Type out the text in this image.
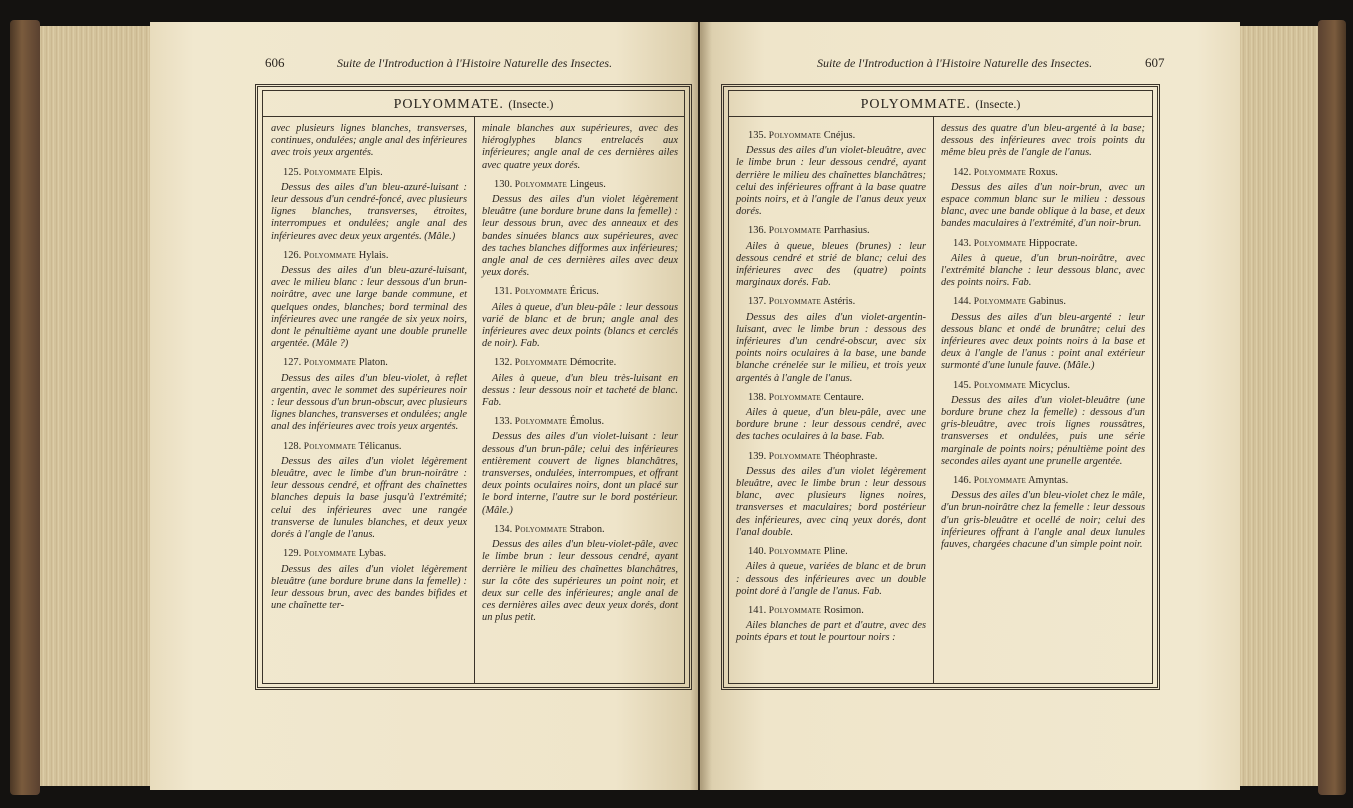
606	Suite de l'Introduction à l'Histoire Naturelle des Insectes.
POLYOMMATE. (Insecte.)

avec plusieurs lignes blanches, transverses, continues, ondulées; angle anal des inférieures avec trois yeux argentés.

125. Polyommate Elpis.

Dessus des ailes d'un bleu-azuré-luisant : leur dessous d'un cendré-foncé, avec plusieurs lignes blanches, transverses, étroites, interrompues et ondulées; angle anal des inférieures avec deux yeux argentés. (Mâle.)

126. Polyommate Hylais.

Dessus des ailes d'un bleu-azuré-luisant, avec le milieu blanc : leur dessous d'un brun-noirâtre, avec une large bande commune, et quelques ondes, blanches; bord terminal des inférieures avec une rangée de six yeux noirs, dont le pénultième ayant une double prunelle argentée. (Mâle ?)

127. Polyommate Platon.

Dessus des ailes d'un bleu-violet, à reflet argentin, avec le sommet des supérieures noir : leur dessous d'un brun-obscur, avec plusieurs lignes blanches, transverses et ondulées; angle anal des inférieures avec trois yeux argentés.

128. Polyommate Télicanus.

Dessus des ailes d'un violet légèrement bleuâtre, avec le limbe d'un brun-noirâtre : leur dessous cendré, et offrant des chaînettes blanches depuis la base jusqu'à l'extrémité; celui des inférieures avec une rangée transverse de lunules blanches, et deux yeux dorés à l'angle de l'anus.

129. Polyommate Lybas.

Dessus des ailes d'un violet légèrement bleuâtre (une bordure brune dans la femelle) : leur dessous brun, avec des bandes bifides et une chaînette ter-

minale blanches aux supérieures, avec des hiéroglyphes blancs entrelacés aux inférieures; angle anal de ces dernières ailes avec quatre yeux dorés.

130. Polyommate Lingeus.

Dessus des ailes d'un violet légèrement bleuâtre (une bordure brune dans la femelle) : leur dessous brun, avec des anneaux et des bandes sinuées blancs aux supérieures, avec des taches blanches difformes aux inférieures; angle anal de ces dernières ailes avec deux yeux dorés.

131. Polyommate Éricus.

Ailes à queue, d'un bleu-pâle : leur dessous varié de blanc et de brun; angle anal des inférieures avec deux points (blancs et cerclés de noir). Fab.

132. Polyommate Démocrite.

Ailes à queue, d'un bleu très-luisant en dessus : leur dessous noir et tacheté de blanc. Fab.

133. Polyommate Émolus.

Dessus des ailes d'un violet-luisant : leur dessous d'un brun-pâle; celui des inférieures entièrement couvert de lignes blanchâtres, transverses, ondulées, interrompues, et offrant deux points oculaires noirs, dont un placé sur le bord interne, l'autre sur le bord postérieur. (Mâle.)

134. Polyommate Strabon.

Dessus des ailes d'un bleu-violet-pâle, avec le limbe brun : leur dessous cendré, ayant derrière le milieu des chaînettes blanchâtres, sur la côte des supérieures un point noir, et deux sur celle des inférieures; angle anal de ces dernières ailes avec deux yeux dorés, dont un plus petit.

Suite de l'Introduction à l'Histoire Naturelle des Insectes.	607
POLYOMMATE. (Insecte.)

135. Polyommate Cnéjus.

Dessus des ailes d'un violet-bleuâtre, avec le limbe brun : leur dessous cendré, ayant derrière le milieu des chaînettes blanchâtres; celui des inférieures offrant à la base quatre points noirs, et à l'angle de l'anus deux yeux dorés.

136. Polyommate Parrhasius.

Ailes à queue, bleues (brunes) : leur dessous cendré et strié de blanc; celui des inférieures avec des (quatre) points marginaux dorés. Fab.

137. Polyommate Astéris.

Dessus des ailes d'un violet-argentin-luisant, avec le limbe brun : dessous des inférieures d'un cendré-obscur, avec six points noirs oculaires à la base, une bande blanche crénelée sur le milieu, et trois yeux argentés à l'angle de l'anus.

138. Polyommate Centaure.

Ailes à queue, d'un bleu-pâle, avec une bordure brune : leur dessous cendré, avec des taches oculaires à la base. Fab.

139. Polyommate Théophraste.

Dessus des ailes d'un violet légèrement bleuâtre, avec le limbe brun : leur dessous blanc, avec plusieurs lignes noires, transverses et maculaires; bord postérieur des inférieures, avec cinq yeux dorés, dont l'anal double.

140. Polyommate Pline.

Ailes à queue, variées de blanc et de brun : dessous des inférieures avec un double point doré à l'angle de l'anus. Fab.

141. Polyommate Rosimon.

Ailes blanches de part et d'autre, avec des points épars et tout le pourtour noirs :

dessus des quatre d'un bleu-argenté à la base; dessous des inférieures avec trois points du même bleu près de l'angle de l'anus.

142. Polyommate Roxus.

Dessus des ailes d'un noir-brun, avec un espace commun blanc sur le milieu : dessous blanc, avec une bande oblique à la base, et deux bandes maculaires à l'extrémité, d'un noir-brun.

143. Polyommate Hippocrate.

Ailes à queue, d'un brun-noirâtre, avec l'extrémité blanche : leur dessous blanc, avec des points noirs. Fab.

144. Polyommate Gabinus.

Dessus des ailes d'un bleu-argenté : leur dessous blanc et ondé de brunâtre; celui des inférieures avec deux points noirs à la base et deux à l'angle de l'anus : point anal extérieur surmonté d'une lunule fauve. (Mâle.)

145. Polyommate Micyclus.

Dessus des ailes d'un violet-bleuâtre (une bordure brune chez la femelle) : dessous d'un gris-bleuâtre, avec trois lignes roussâtres, transverses et ondulées, puis une série marginale de points noirs; pénultième point des secondes ailes ayant une prunelle argentée.

146. Polyommate Amyntas.

Dessus des ailes d'un bleu-violet chez le mâle, d'un brun-noirâtre chez la femelle : leur dessous d'un gris-bleuâtre et ocellé de noir; celui des inférieures offrant à l'angle anal deux lunules fauves, chargées chacune d'un simple point noir.
